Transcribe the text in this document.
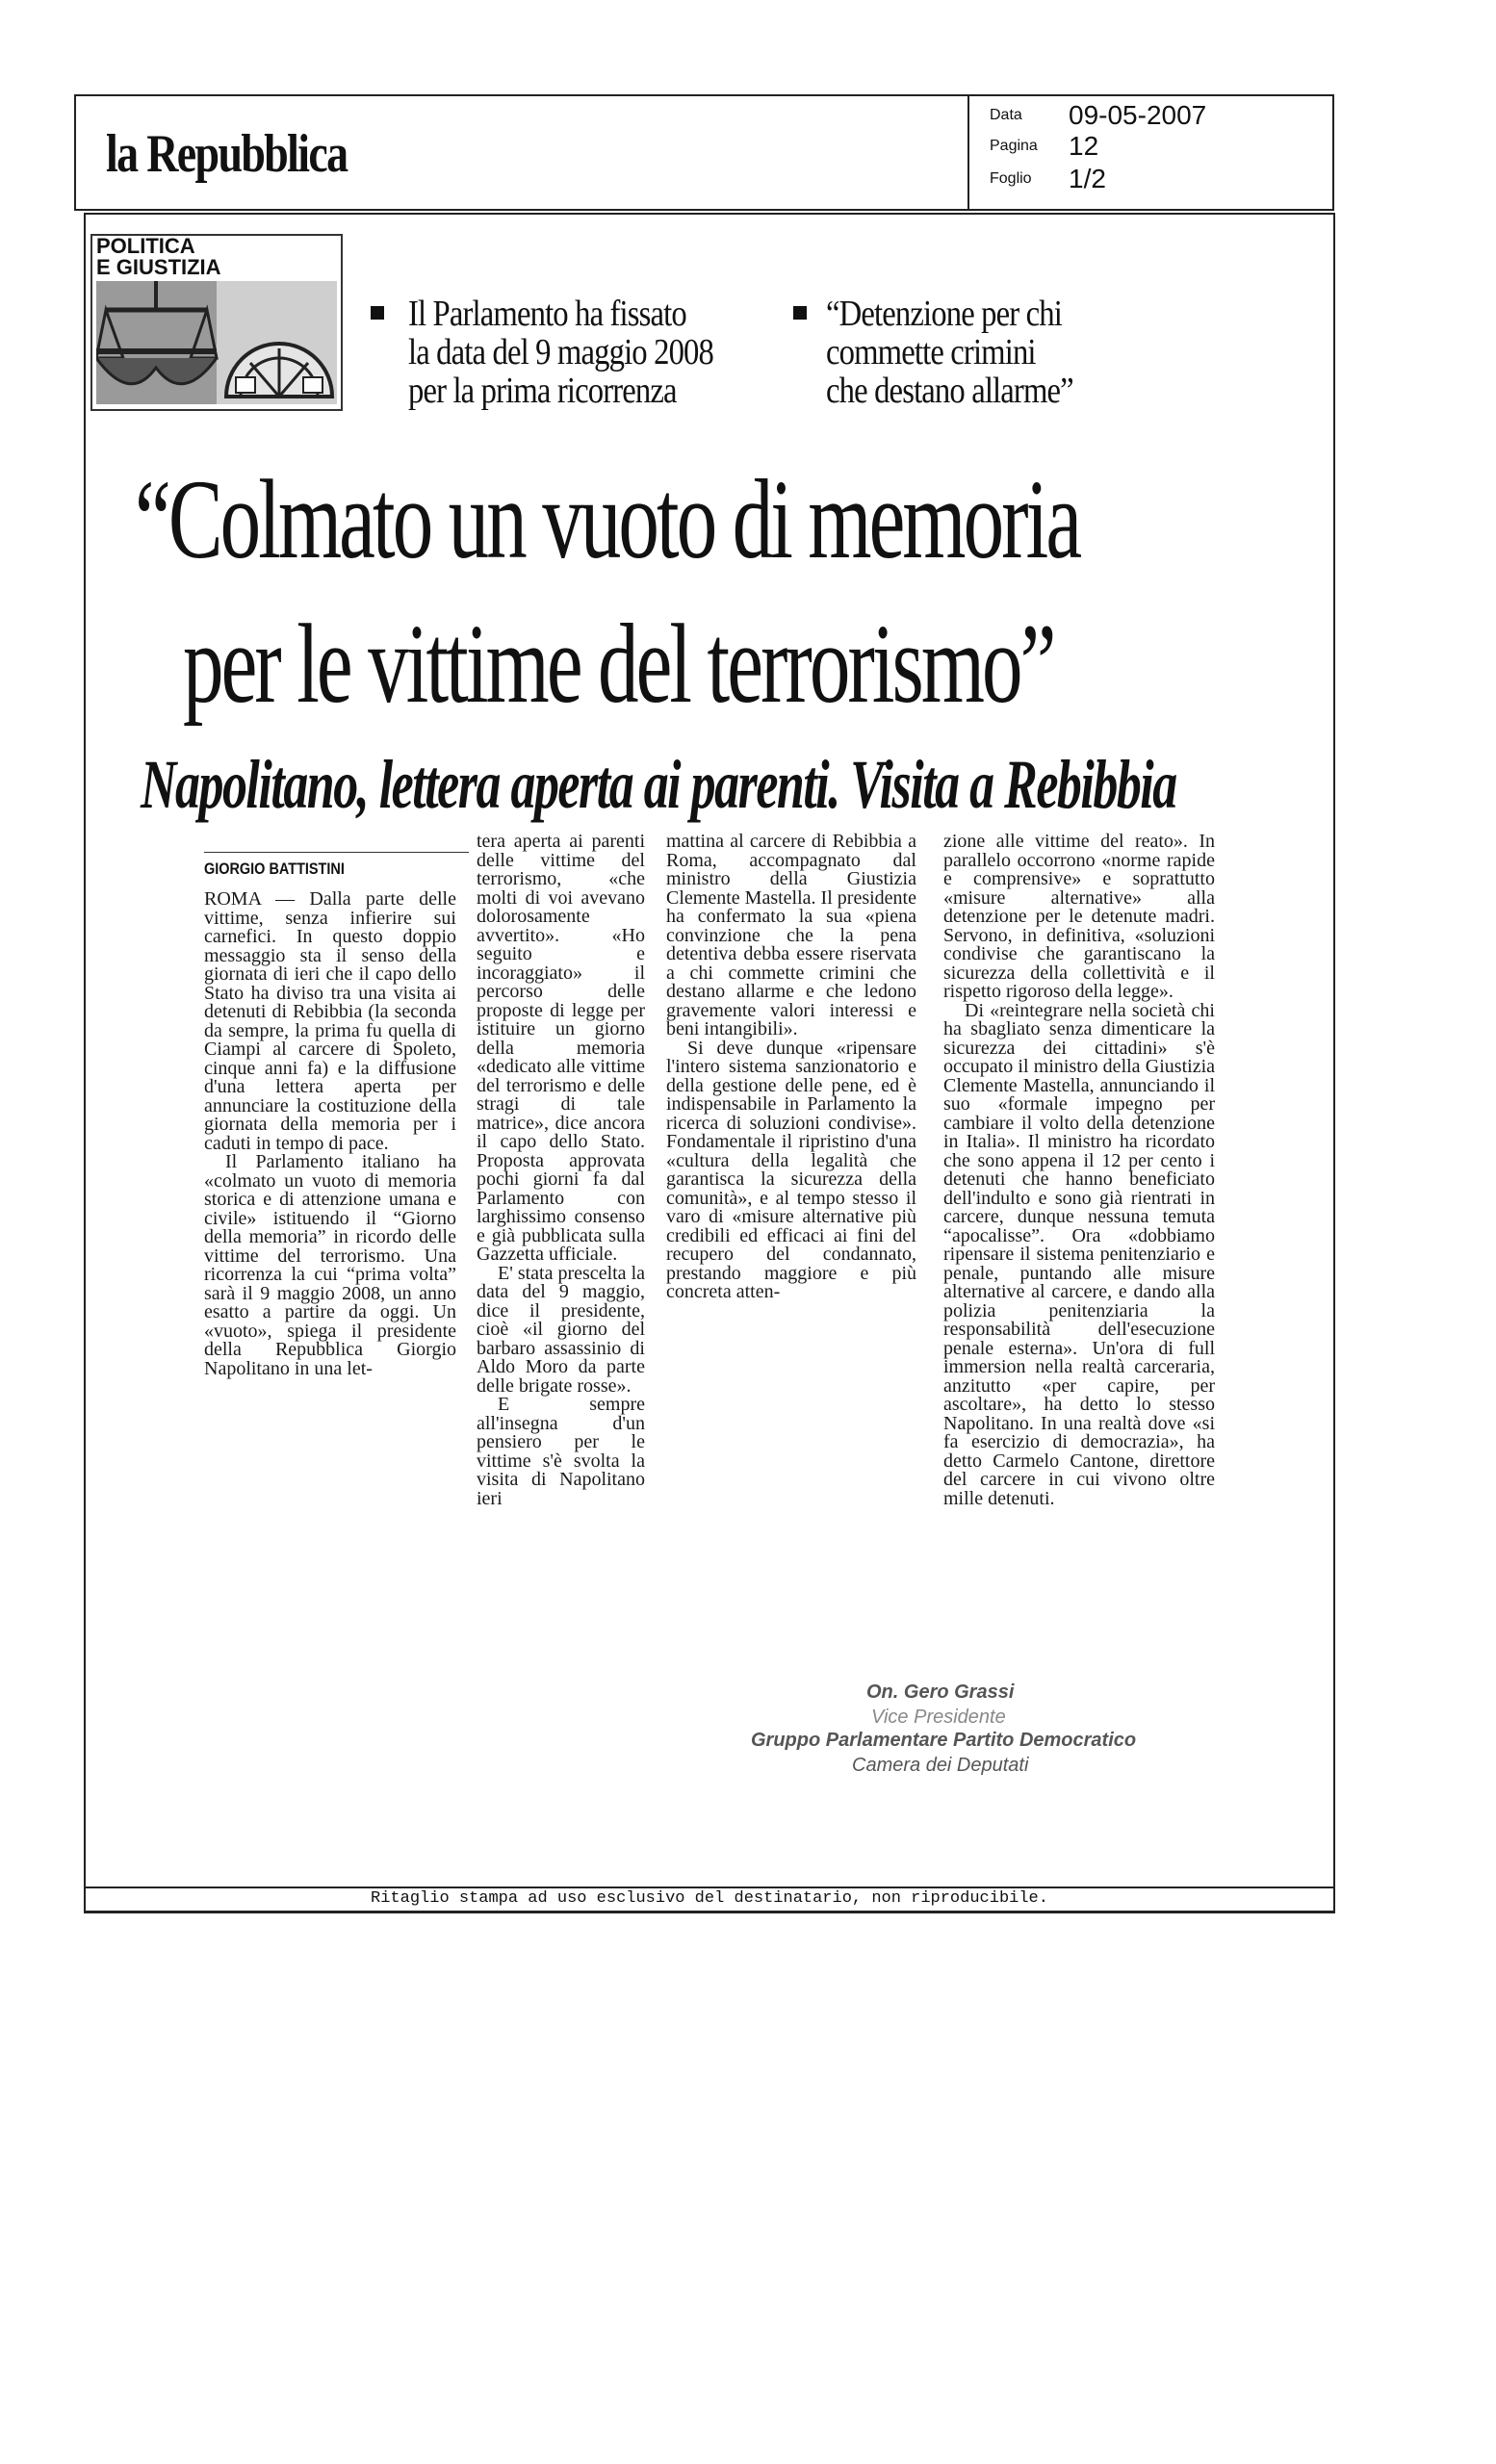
la Repubblica
Data 09-05-2007
Pagina 12
Foglio 1/2
POLITICA
E GIUSTIZIA
Il Parlamento ha fissato
la data del 9 maggio 2008
per la prima ricorrenza
“Detenzione per chi
commette crimini
che destano allarme”
“Colmato un vuoto di memoria
per le vittime del terrorismo”
Napolitano, lettera aperta ai parenti. Visita a Rebibbia
GIORGIO BATTISTINI

ROMA — Dalla parte delle vittime, senza infierire sui carnefici. In questo doppio messaggio sta il senso della giornata di ieri che il capo dello Stato ha diviso tra una visita ai detenuti di Rebibbia (la seconda da sempre, la prima fu quella di Ciampi al carcere di Spoleto, cinque anni fa) e la diffusione d'una lettera aperta per annunciare la costituzione della giornata della memoria per i caduti in tempo di pace.

Il Parlamento italiano ha «colmato un vuoto di memoria storica e di attenzione umana e civile» istituendo il “Giorno della memoria” in ricordo delle vittime del terrorismo. Una ricorrenza la cui “prima volta” sarà il 9 maggio 2008, un anno esatto a partire da oggi. Un «vuoto», spiega il presidente della Repubblica Giorgio Napolitano in una let-

tera aperta ai parenti delle vittime del terrorismo, «che molti di voi avevano dolorosamente avvertito». «Ho seguito e incoraggiato» il percorso delle proposte di legge per istituire un giorno della memoria «dedicato alle vittime del terrorismo e delle stragi di tale matrice», dice ancora il capo dello Stato. Proposta approvata pochi giorni fa dal Parlamento con larghissimo consenso e già pubblicata sulla Gazzetta ufficiale.

E' stata prescelta la data del 9 maggio, dice il presidente, cioè «il giorno del barbaro assassinio di Aldo Moro da parte delle brigate rosse».

E sempre all'insegna d'un pensiero per le vittime s'è svolta la visita di Napolitano ieri

mattina al carcere di Rebibbia a Roma, accompagnato dal ministro della Giustizia Clemente Mastella. Il presidente ha confermato la sua «piena convinzione che la pena detentiva debba essere riservata a chi commette crimini che destano allarme e che ledono gravemente valori interessi e beni intangibili».

Si deve dunque «ripensare l'intero sistema sanzionatorio e della gestione delle pene, ed è indispensabile in Parlamento la ricerca di soluzioni condivise». Fondamentale il ripristino d'una «cultura della legalità che garantisca la sicurezza della comunità», e al tempo stesso il varo di «misure alternative più credibili ed efficaci ai fini del recupero del condannato, prestando maggiore e più concreta atten-

zione alle vittime del reato». In parallelo occorrono «norme rapide e comprensive» e soprattutto «misure alternative» alla detenzione per le detenute madri. Servono, in definitiva, «soluzioni condivise che garantiscano la sicurezza della collettività e il rispetto rigoroso della legge».

Di «reintegrare nella società chi ha sbagliato senza dimenticare la sicurezza dei cittadini» s'è occupato il ministro della Giustizia Clemente Mastella, annunciando il suo «formale impegno per cambiare il volto della detenzione in Italia». Il ministro ha ricordato che sono appena il 12 per cento i detenuti che hanno beneficiato dell'indulto e sono già rientrati in carcere, dunque nessuna temuta “apocalisse”. Ora «dobbiamo ripensare il sistema penitenziario e penale, puntando alle misure alternative al carcere, e dando alla polizia penitenziaria la responsabilità dell'esecuzione penale esterna». Un'ora di full immersion nella realtà carceraria, anzitutto «per capire, per ascoltare», ha detto lo stesso Napolitano. In una realtà dove «si fa esercizio di democrazia», ha detto Carmelo Cantone, direttore del carcere in cui vivono oltre mille detenuti.

On. Gero Grassi
Vice Presidente
Gruppo Parlamentare Partito Democratico
Camera dei Deputati
Ritaglio stampa ad uso esclusivo del destinatario, non riproducibile.
